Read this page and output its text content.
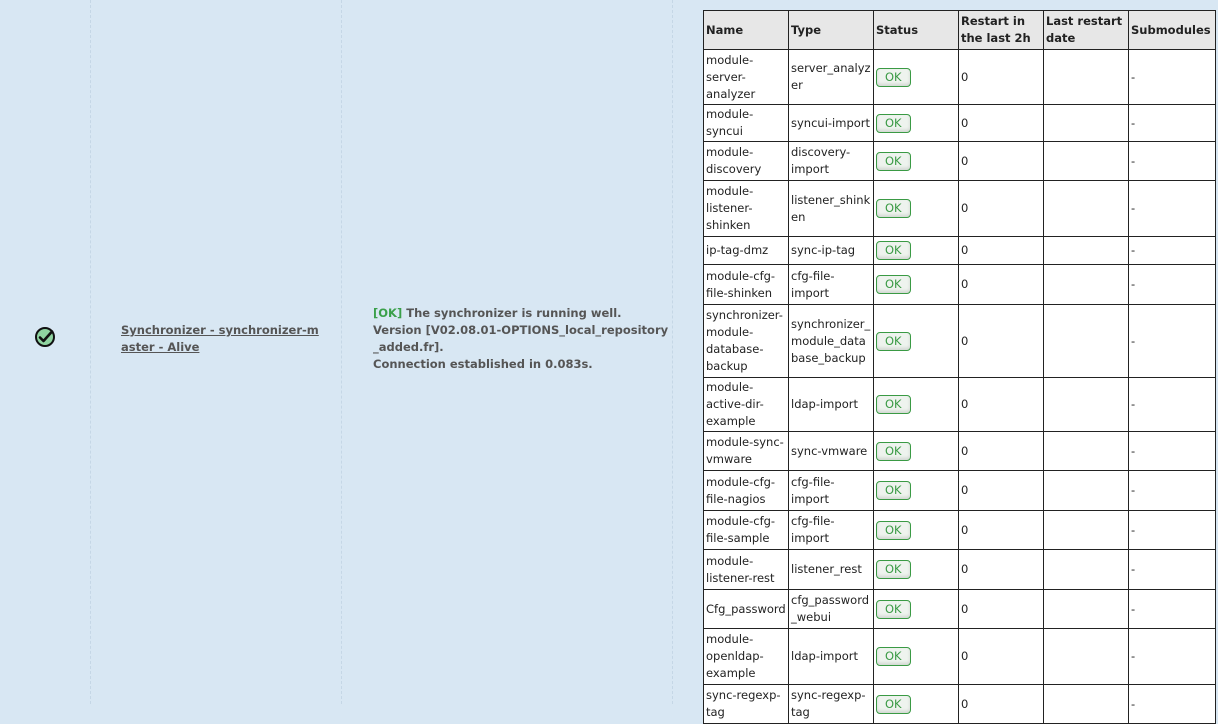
Synchronizer - synchronizer-master - Alive
[OK] The synchronizer is running well.
Version [V02.08.01-OPTIONS_local_repository_added.fr].
Connection established in 0.083s.
Name	Type	Status	Restart in the last 2h	Last restart date	Submodules
module-server-analyzer	server_analyzer	OK	0		-
module-syncui	syncui-import	OK	0		-
module-discovery	discovery-import	OK	0		-
module-listener-shinken	listener_shinken	OK	0		-
ip-tag-dmz	sync-ip-tag	OK	0		-
module-cfg-file-shinken	cfg-file-import	OK	0		-
synchronizer-module-database-backup	synchronizer_module_database_backup	OK	0		-
module-active-dir-example	ldap-import	OK	0		-
module-sync-vmware	sync-vmware	OK	0		-
module-cfg-file-nagios	cfg-file-import	OK	0		-
module-cfg-file-sample	cfg-file-import	OK	0		-
module-listener-rest	listener_rest	OK	0		-
Cfg_password	cfg_password_webui	OK	0		-
module-openldap-example	ldap-import	OK	0		-
sync-regexp-tag	sync-regexp-tag	OK	0		-
